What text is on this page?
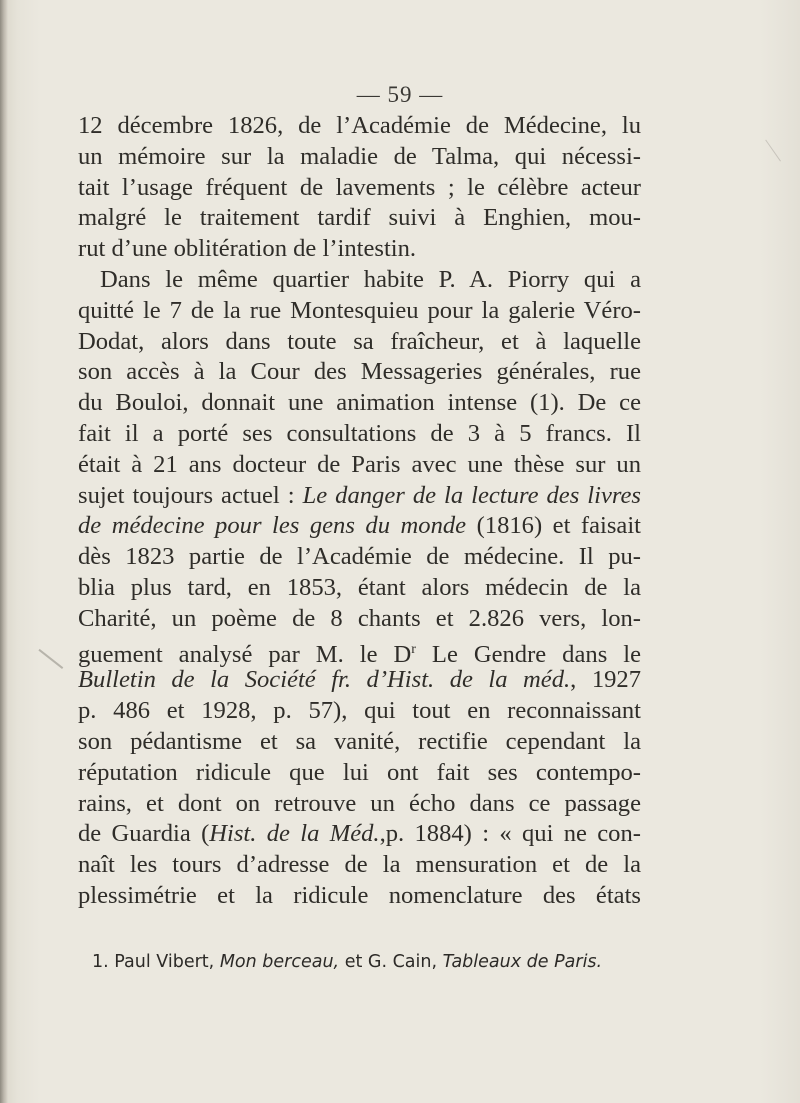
— 59 —
12 décembre 1826, de l’Académie de Médecine, lu
un mémoire sur la maladie de Talma, qui nécessi-
tait l’usage fréquent de lavements ; le célèbre acteur
malgré le traitement tardif suivi à Enghien, mou-
rut d’une oblitération de l’intestin.
Dans le même quartier habite P. A. Piorry qui a
quitté le 7 de la rue Montesquieu pour la galerie Véro-
Dodat, alors dans toute sa fraîcheur, et à laquelle
son accès à la Cour des Messageries générales, rue
du Bouloi, donnait une animation intense (1). De ce
fait il a porté ses consultations de 3 à 5 francs. Il
était à 21 ans docteur de Paris avec une thèse sur un
sujet toujours actuel : Le danger de la lecture des livres
de médecine pour les gens du monde (1816) et faisait
dès 1823 partie de l’Académie de médecine. Il pu-
blia plus tard, en 1853, étant alors médecin de la
Charité, un poème de 8 chants et 2.826 vers, lon-
guement analysé par M. le $D^r$ Le Gendre dans le
Bulletin de la Société fr. d’Hist. de la méd., 1927
p. 486 et 1928, p. 57), qui tout en reconnaissant
son pédantisme et sa vanité, rectifie cependant la
réputation ridicule que lui ont fait ses contempo-
rains, et dont on retrouve un écho dans ce passage
de Guardia (Hist. de la Méd.,p. 1884) : « qui ne con-
naît les tours d’adresse de la mensuration et de la
plessimétrie et la ridicule nomenclature des états
1. Paul Vibert, Mon berceau, et G. Cain, Tableaux de Paris.
